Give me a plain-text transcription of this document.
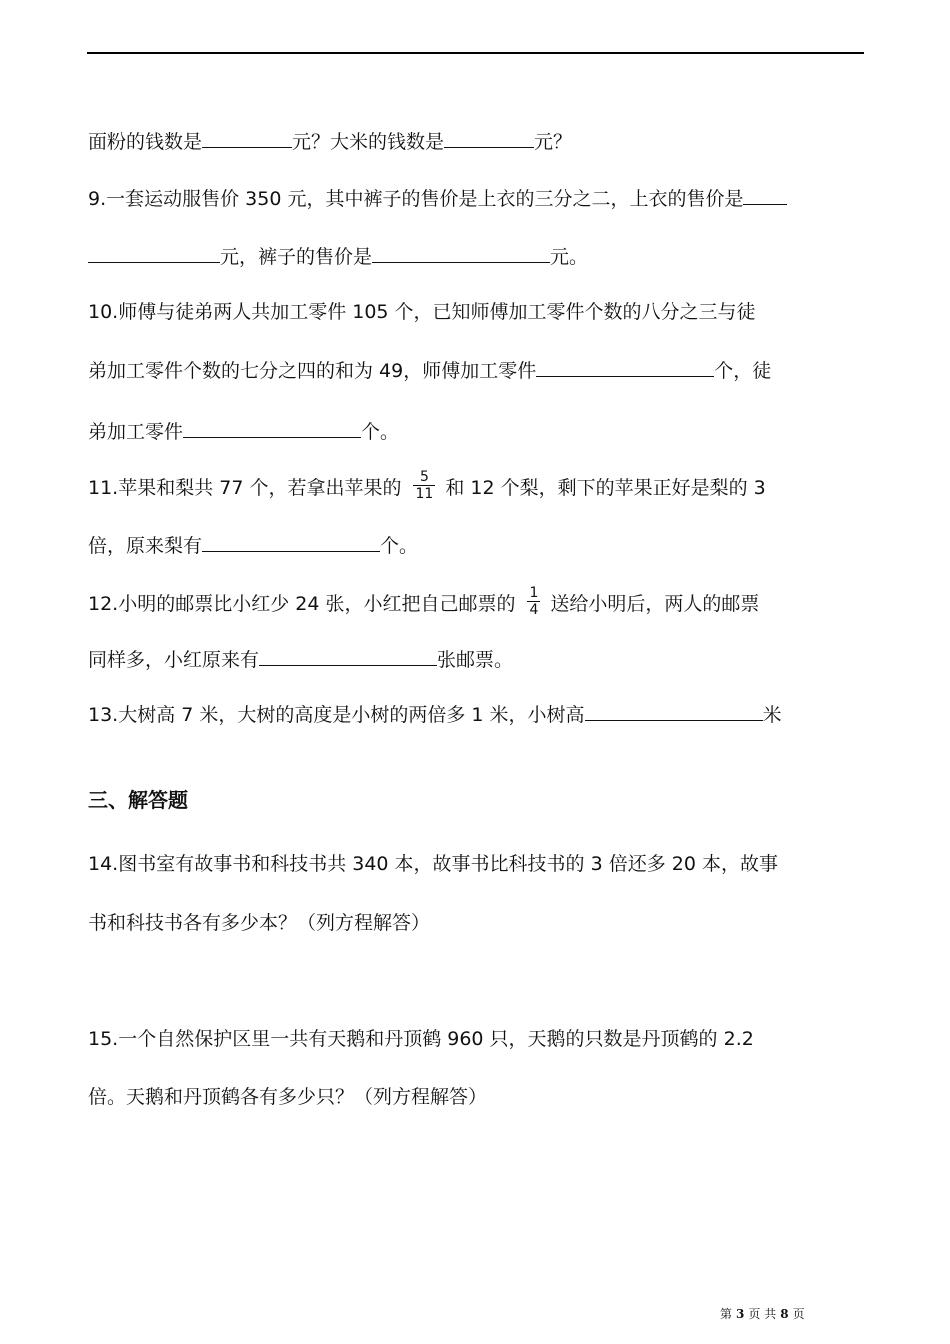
面粉的钱数是	元？大米的钱数是	元？
9.一套运动服售价 350 元，其中裤子的售价是上衣的三分之二，上衣的售价是
元，裤子的售价是	元。
10.师傅与徒弟两人共加工零件 105 个，已知师傅加工零件个数的八分之三与徒
弟加工零件个数的七分之四的和为 49，师傅加工零件	个，徒
弟加工零件	个。
11.苹果和梨共 77 个，若拿出苹果的 $\frac{5}{11}$ 和 12 个梨，剩下的苹果正好是梨的 3
倍，原来梨有	个。
12.小明的邮票比小红少 24 张，小红把自己邮票的 $\frac{1}{4}$ 送给小明后，两人的邮票
同样多，小红原来有	张邮票。
13.大树高 7 米，大树的高度是小树的两倍多 1 米，小树高	米
三、解答题
14.图书室有故事书和科技书共 340 本，故事书比科技书的 3 倍还多 20 本，故事
书和科技书各有多少本？（列方程解答）
15.一个自然保护区里一共有天鹅和丹顶鹤 960 只，天鹅的只数是丹顶鹤的 2.2
倍。天鹅和丹顶鹤各有多少只？（列方程解答）
第 3 页 共 8 页
